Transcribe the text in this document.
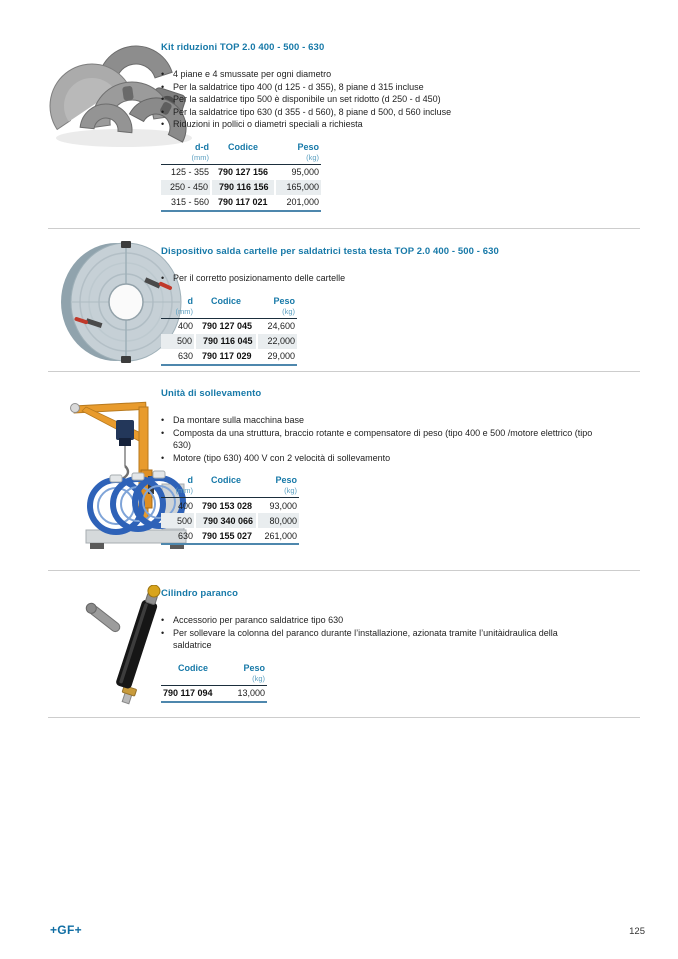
Kit riduzioni TOP 2.0 400 - 500 - 630
• 4 piane e 4 smussate per ogni diametro
• Per la saldatrice tipo 400 (d 125 - d 355), 8 piane d 315 incluse
• Per la saldatrice tipo 500 è disponibile un set ridotto (d 250 - d 450)
• Per la saldatrice tipo 630 (d 355 - d 560), 8 piane d 500, d 560 incluse
• Riduzioni in pollici o diametri speciali a richiesta
d-d	Codice	Peso
(mm)		(kg)
125 - 355	790 127 156	95,000
250 - 450	790 116 156	165,000
315 - 560	790 117 021	201,000
Dispositivo salda cartelle per saldatrici testa testa TOP 2.0 400 - 500 - 630
• Per il corretto posizionamento delle cartelle
d	Codice	Peso
(mm)		(kg)
400	790 127 045	24,600
500	790 116 045	22,000
630	790 117 029	29,000
Unità di sollevamento
• Da montare sulla macchina base
• Composta da una struttura, braccio rotante e compensatore di peso (tipo 400 e 500 /motore elettrico (tipo 630)
• Motore (tipo 630) 400 V con 2 velocità di sollevamento
d	Codice	Peso
(mm)		(kg)
400	790 153 028	93,000
500	790 340 066	80,000
630	790 155 027	261,000
Cilindro paranco
• Accessorio per paranco saldatrice tipo 630
• Per sollevare la colonna del paranco durante l’installazione, azionata tramite l’unitàidraulica della saldatrice
Codice	Peso
	(kg)
790 117 094	13,000
+GF+	125
